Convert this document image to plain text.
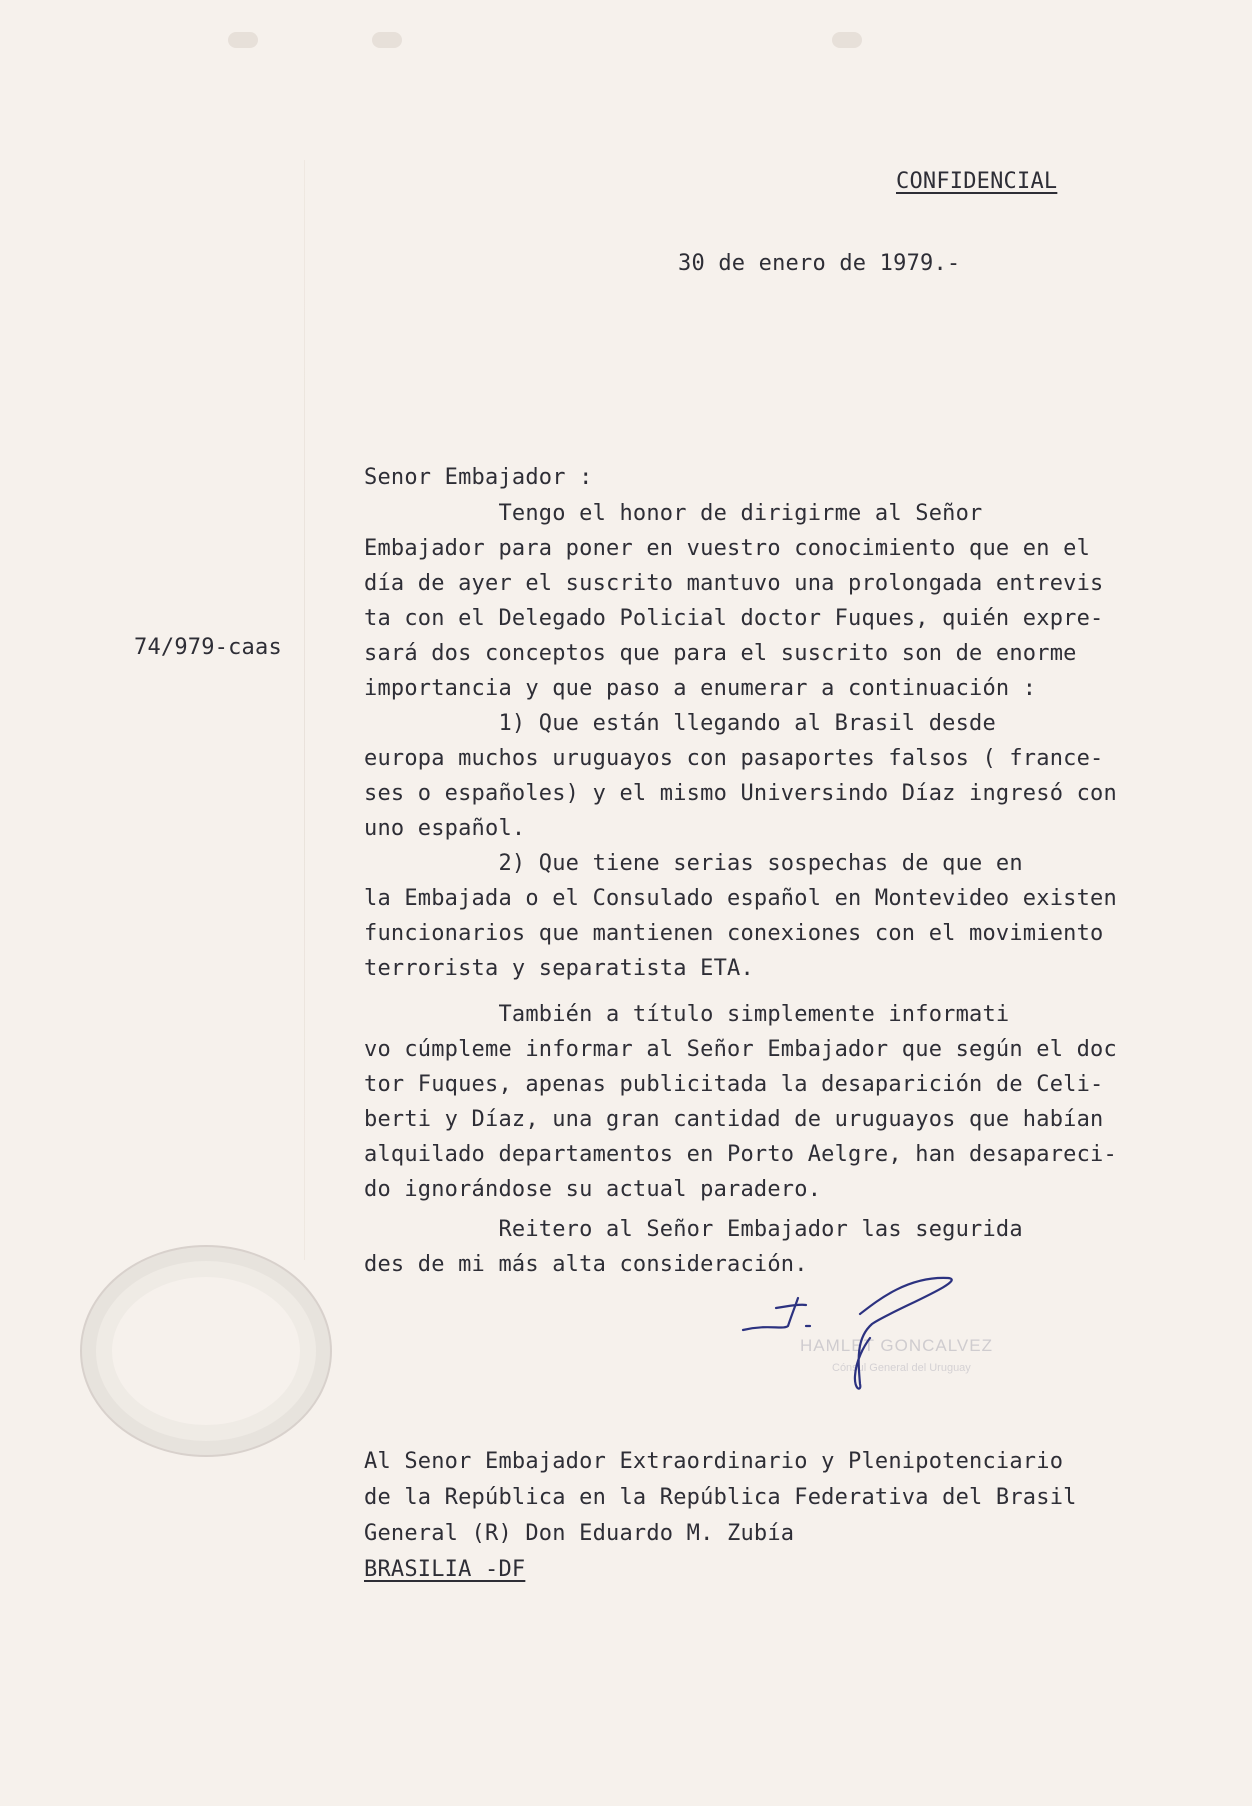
CONFIDENCIAL
30 de enero de 1979.-
Senor Embajador :
74/979-caas
Tengo el honor de dirigirme al Señor
Embajador para poner en vuestro conocimiento que en el
día de ayer el suscrito mantuvo una prolongada entrevis
ta con el Delegado Policial doctor Fuques, quién expre-
sará dos conceptos que para el suscrito son de enorme
importancia y que paso a enumerar a continuación :
1) Que están llegando al Brasil desde
europa muchos uruguayos con pasaportes falsos ( france-
ses o españoles) y el mismo Universindo Díaz ingresó con
uno español.
2) Que tiene serias sospechas de que en
la Embajada o el Consulado español en Montevideo existen
funcionarios que mantienen conexiones con el movimiento
terrorista y separatista ETA.
También a título simplemente informati
vo cúmpleme informar al Señor Embajador que según el doc
tor Fuques, apenas publicitada la desaparición de Celi-
berti y Díaz, una gran cantidad de uruguayos que habían
alquilado departamentos en Porto Aelgre, han desapareci-
do ignorándose su actual paradero.
Reitero al Señor Embajador las segurida
des de mi más alta consideración.
HAMLET GONCALVEZ
Cónsul General del Uruguay
Al Senor Embajador Extraordinario y Plenipotenciario
de la República en la República Federativa del Brasil
General (R) Don Eduardo M. Zubía
BRASILIA -DF
